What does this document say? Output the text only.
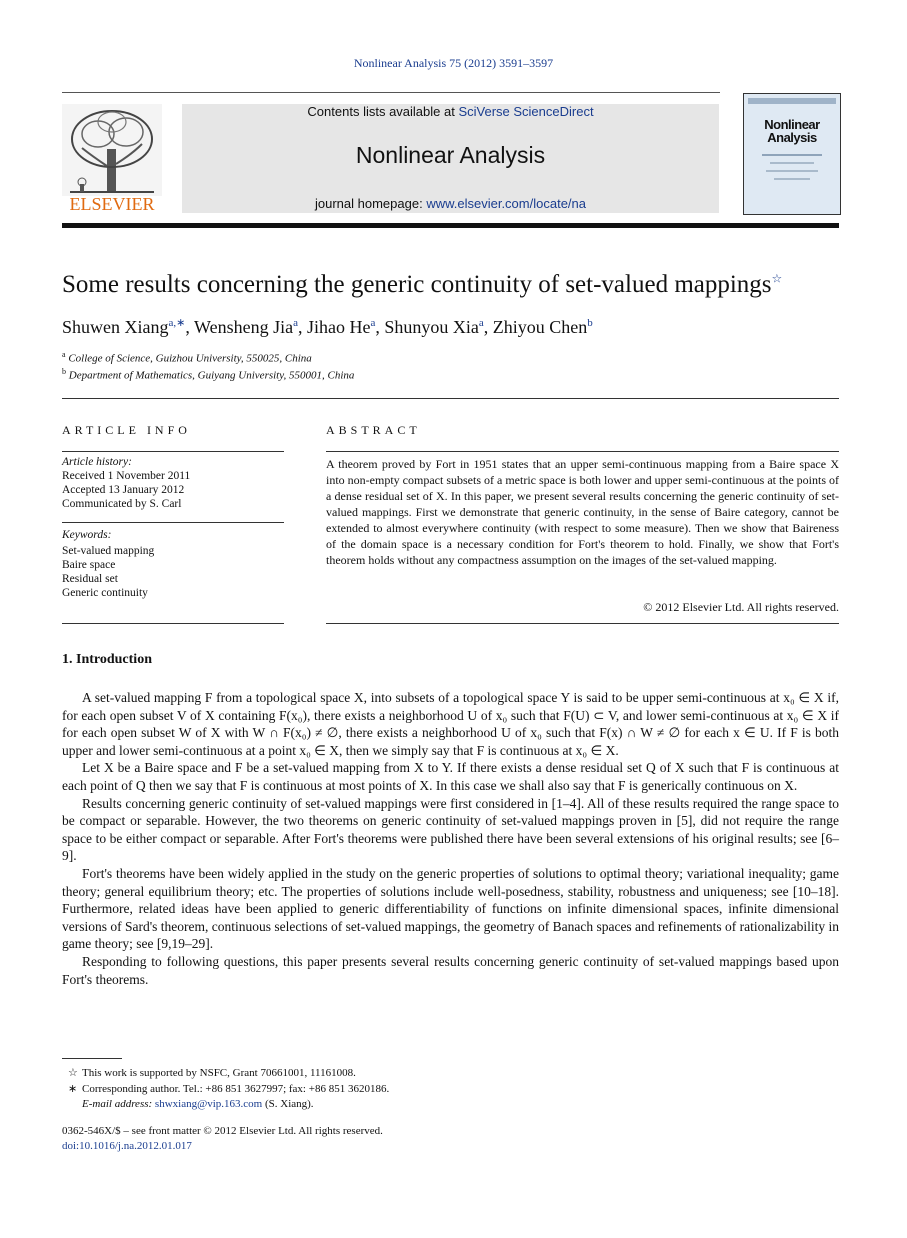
Nonlinear Analysis 75 (2012) 3591–3597
ELSEVIER
Contents lists available at SciVerse ScienceDirect
Nonlinear Analysis
journal homepage: www.elsevier.com/locate/na
Nonlinear Analysis
Some results concerning the generic continuity of set-valued mappings☆
Shuwen Xiang$^{a,∗}$, Wensheng Jia$^a$, Jihao He$^a$, Shunyou Xia$^a$, Zhiyou Chen$^b$
$^a$ College of Science, Guizhou University, 550025, China
$^b$ Department of Mathematics, Guiyang University, 550001, China
ARTICLE INFO
Article history:
Received 1 November 2011
Accepted 13 January 2012
Communicated by S. Carl
Keywords:
Set-valued mapping
Baire space
Residual set
Generic continuity
ABSTRACT
A theorem proved by Fort in 1951 states that an upper semi-continuous mapping from a Baire space X into non-empty compact subsets of a metric space is both lower and upper semi-continuous at the points of a dense residual set of X. In this paper, we present several results concerning the generic continuity of set-valued mappings. First we demonstrate that generic continuity, in the sense of Baire category, cannot be extended to almost everywhere continuity (with respect to some measure). Then we show that Baireness of the domain space is a necessary condition for Fort's theorem to hold. Finally, we show that Fort's theorem holds without any compactness assumption on the images of the set-valued mapping.
© 2012 Elsevier Ltd. All rights reserved.
1. Introduction

A set-valued mapping F from a topological space X, into subsets of a topological space Y is said to be upper semi-continuous at x₀ ∈ X if, for each open subset V of X containing F(x₀), there exists a neighborhood U of x₀ such that F(U) ⊂ V, and lower semi-continuous at x₀ ∈ X if for each open subset W of X with W ∩ F(x₀) ≠ ∅, there exists a neighborhood U of x₀ such that F(x) ∩ W ≠ ∅ for each x ∈ U. If F is both upper and lower semi-continuous at a point x₀ ∈ X, then we simply say that F is continuous at x₀ ∈ X.

Let X be a Baire space and F be a set-valued mapping from X to Y. If there exists a dense residual set Q of X such that F is continuous at each point of Q then we say that F is continuous at most points of X. In this case we shall also say that F is generically continuous on X.

Results concerning generic continuity of set-valued mappings were first considered in [1–4]. All of these results required the range space to be compact or separable. However, the two theorems on generic continuity of set-valued mappings proven in [5], did not require the range space to be either compact or separable. After Fort's theorems were published there have been several extensions of his original results; see [6–9].

Fort's theorems have been widely applied in the study on the generic properties of solutions to optimal theory; variational inequality; game theory; general equilibrium theory; etc. The properties of solutions include well-posedness, stability, robustness and uniqueness; see [10–18]. Furthermore, related ideas have been applied to generic differentiability of functions on infinite dimensional spaces, infinite dimensional versions of Sard's theorem, continuous selections of set-valued mappings, the geometry of Banach spaces and refinements of rationalizability in game theory; see [9,19–29].

Responding to following questions, this paper presents several results concerning generic continuity of set-valued mappings based upon Fort's theorems.

☆ This work is supported by NSFC, Grant 70661001, 11161008.
∗ Corresponding author. Tel.: +86 851 3627997; fax: +86 851 3620186.
E-mail address: shwxiang@vip.163.com (S. Xiang).
0362-546X/$ – see front matter © 2012 Elsevier Ltd. All rights reserved.
doi:10.1016/j.na.2012.01.017
